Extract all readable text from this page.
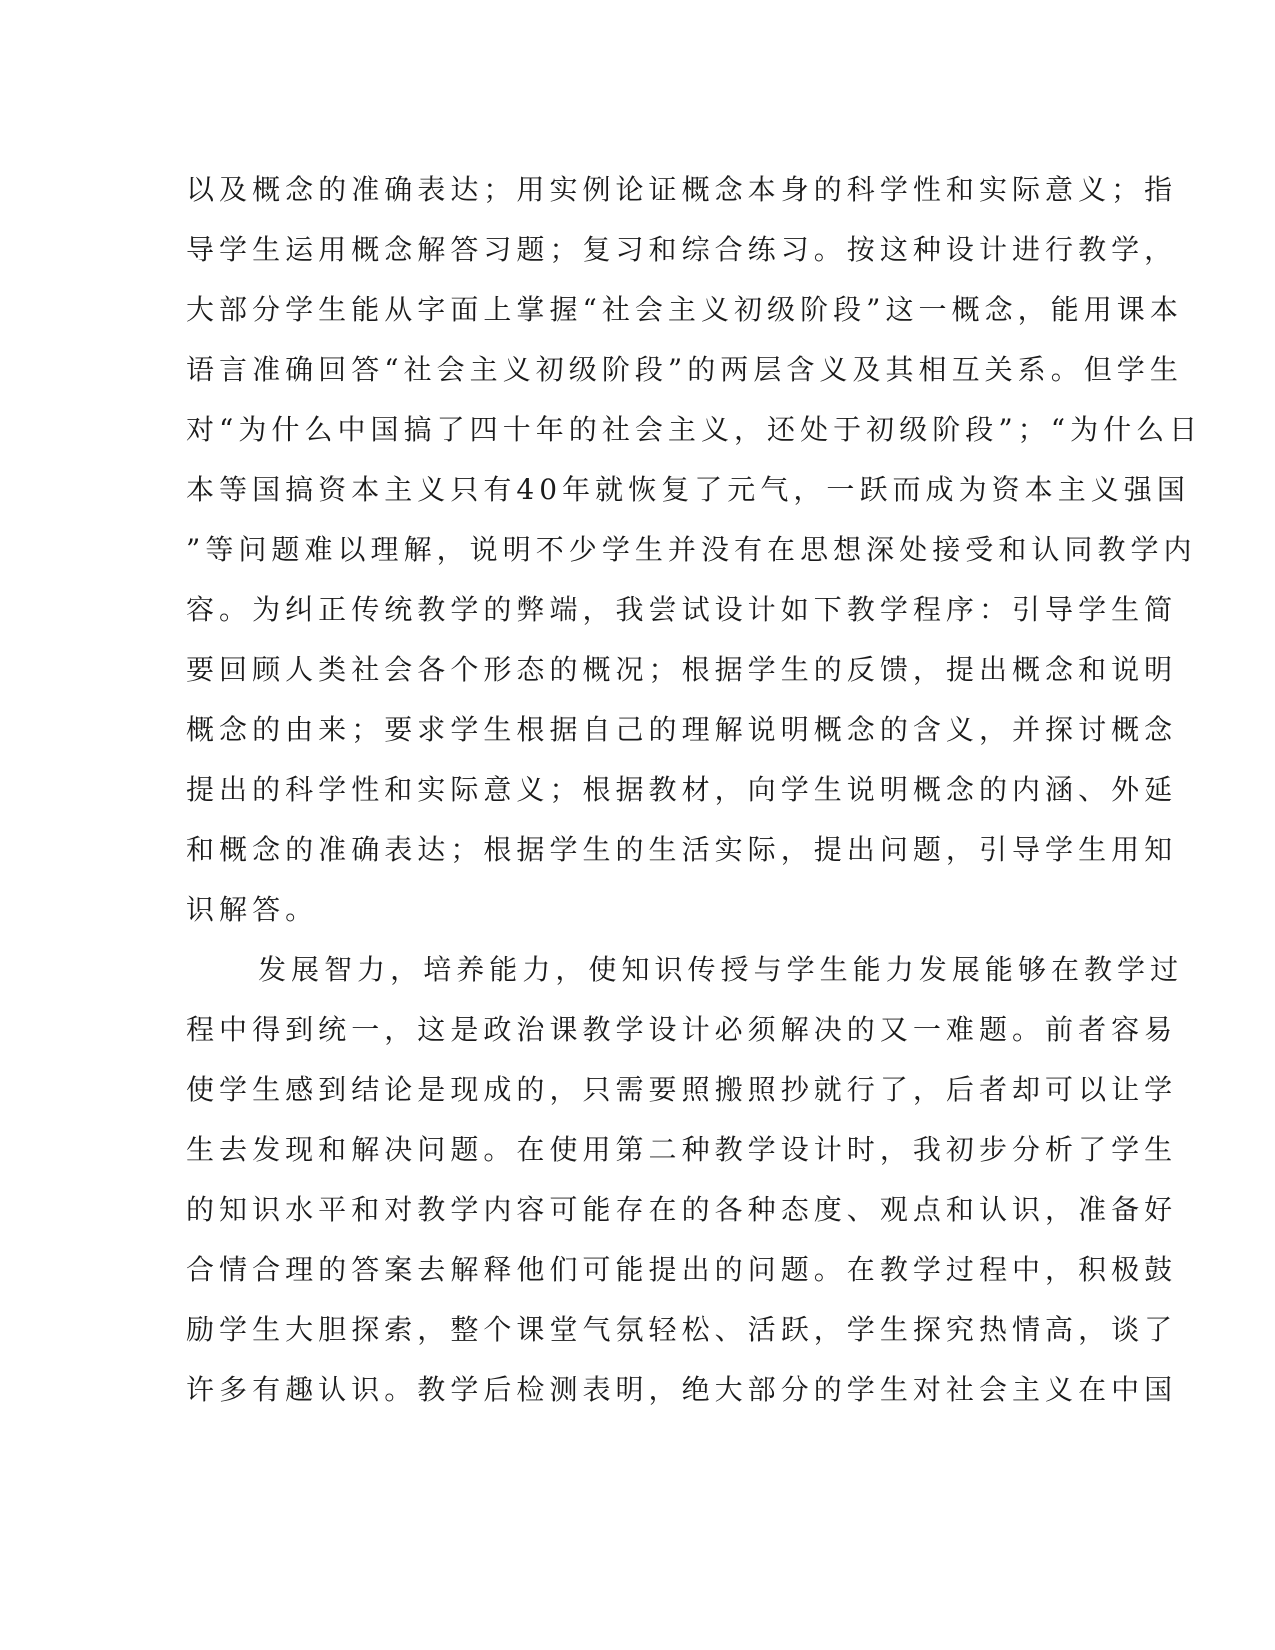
以及概念的准确表达；用实例论证概念本身的科学性和实际意义；指
导学生运用概念解答习题；复习和综合练习。按这种设计进行教学，
大部分学生能从字面上掌握“社会主义初级阶段”这一概念，能用课本
语言准确回答“社会主义初级阶段”的两层含义及其相互关系。但学生
对“为什么中国搞了四十年的社会主义，还处于初级阶段”；“为什么日
本等国搞资本主义只有40年就恢复了元气，一跃而成为资本主义强国
”等问题难以理解，说明不少学生并没有在思想深处接受和认同教学内
容。为纠正传统教学的弊端，我尝试设计如下教学程序：引导学生简
要回顾人类社会各个形态的概况；根据学生的反馈，提出概念和说明
概念的由来；要求学生根据自己的理解说明概念的含义，并探讨概念
提出的科学性和实际意义；根据教材，向学生说明概念的内涵、外延
和概念的准确表达；根据学生的生活实际，提出问题，引导学生用知
识解答。
发展智力，培养能力，使知识传授与学生能力发展能够在教学过
程中得到统一，这是政治课教学设计必须解决的又一难题。前者容易
使学生感到结论是现成的，只需要照搬照抄就行了，后者却可以让学
生去发现和解决问题。在使用第二种教学设计时，我初步分析了学生
的知识水平和对教学内容可能存在的各种态度、观点和认识，准备好
合情合理的答案去解释他们可能提出的问题。在教学过程中，积极鼓
励学生大胆探索，整个课堂气氛轻松、活跃，学生探究热情高，谈了
许多有趣认识。教学后检测表明，绝大部分的学生对社会主义在中国
